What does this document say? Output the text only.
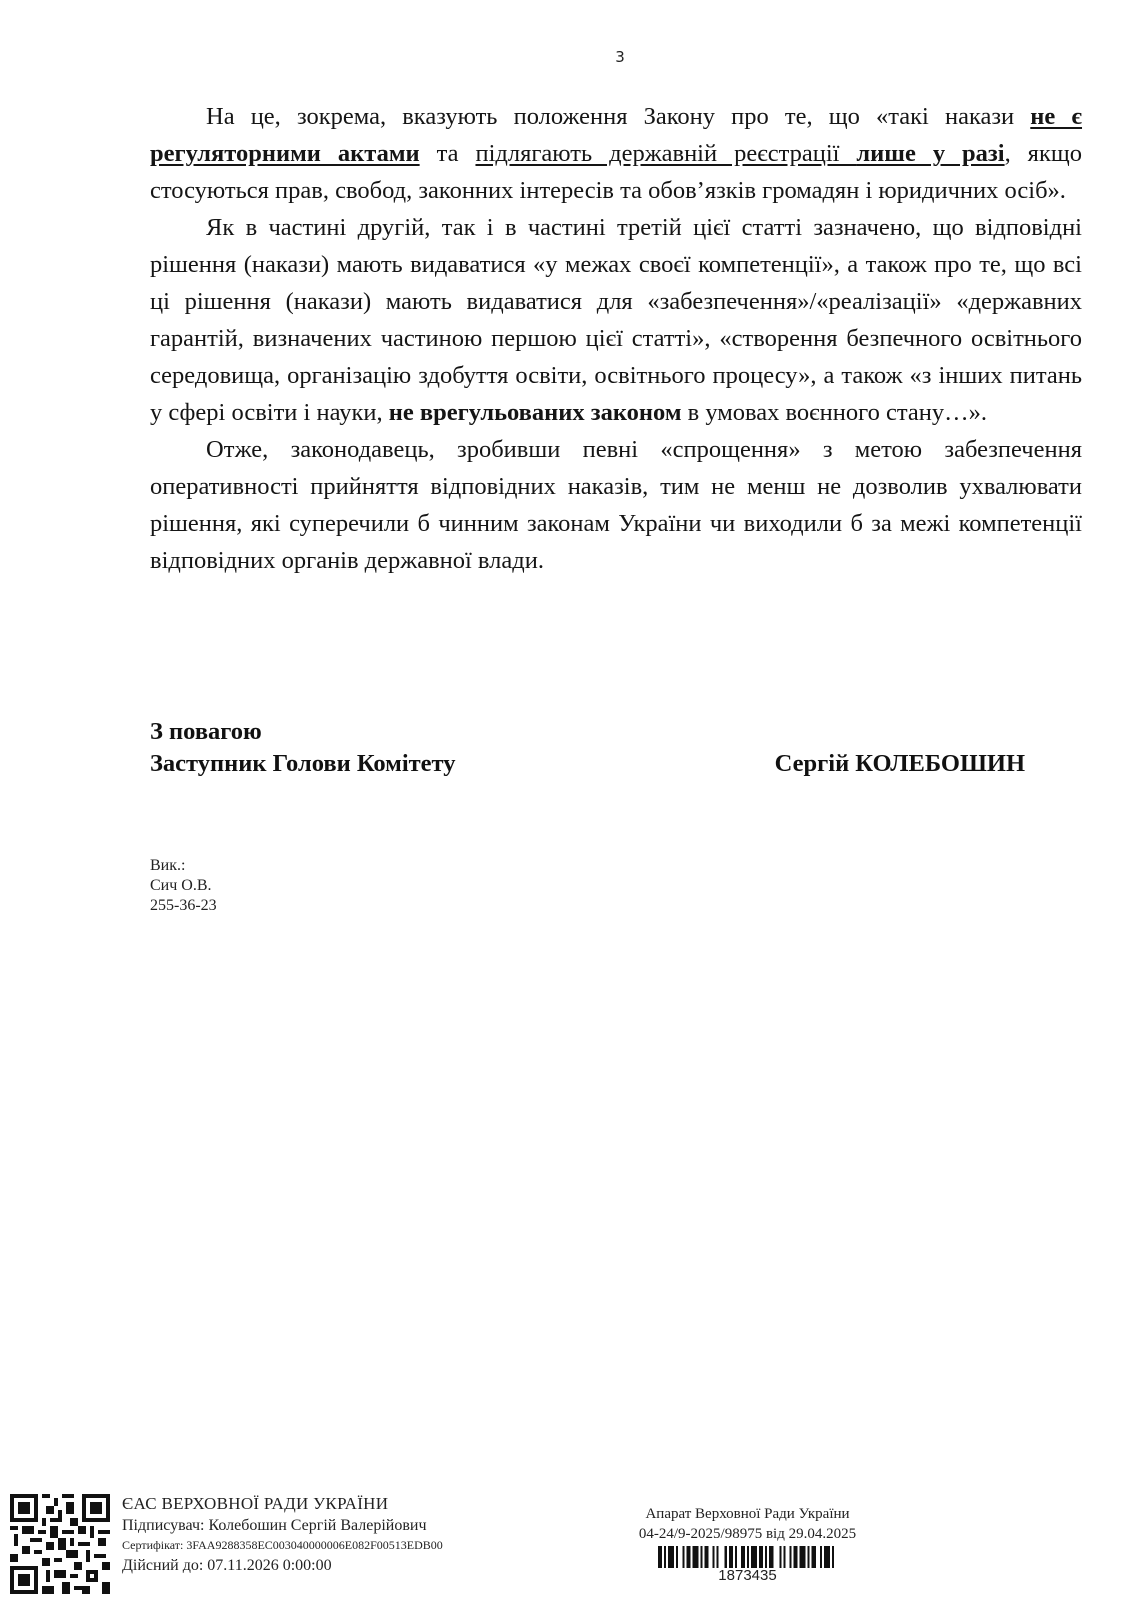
3

На це, зокрема, вказують положення Закону про те, що «такі накази не є регуляторними актами та підлягають державній реєстрації лише у разі, якщо стосуються прав, свобод, законних інтересів та обов’язків громадян і юридичних осіб».

Як в частині другій, так і в частині третій цієї статті зазначено, що відповідні рішення (накази) мають видаватися «у межах своєї компетенції», а також про те, що всі ці рішення (накази) мають видаватися для «забезпечення»/«реалізації» «державних гарантій, визначених частиною першою цієї статті», «створення безпечного освітнього середовища, організацію здобуття освіти, освітнього процесу», а також «з інших питань у сфері освіти і науки, не врегульованих законом в умовах воєнного стану…».

Отже, законодавець, зробивши певні «спрощення» з метою забезпечення оперативності прийняття відповідних наказів, тим не менш не дозволив ухвалювати рішення, які суперечили б чинним законам України чи виходили б за межі компетенції відповідних органів державної влади.

З повагою
Заступник Голови Комітету	Сергій КОЛЕБОШИН
Вик.:
Сич О.В.
255-36-23
ЄАС ВЕРХОВНОЇ РАДИ УКРАЇНИ
Підписувач: Колебошин Сергій Валерійович
Сертифікат: 3FAA9288358EC003040000006E082F00513EDB00
Дійсний до: 07.11.2026 0:00:00
Апарат Верховної Ради України
04-24/9-2025/98975 від 29.04.2025
1873435
